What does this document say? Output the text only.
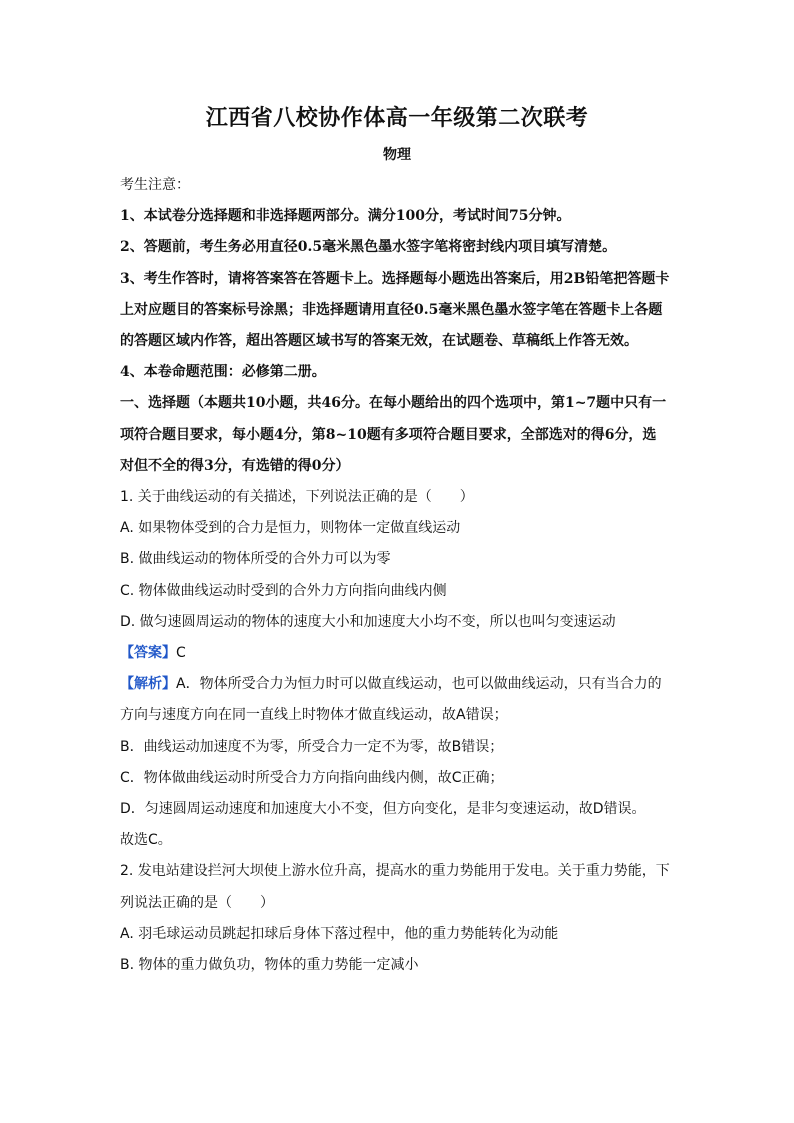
江西省八校协作体高一年级第二次联考
物理
考生注意：
1、本试卷分选择题和非选择题两部分。满分100分，考试时间75分钟。
2、答题前，考生务必用直径0.5毫米黑色墨水签字笔将密封线内项目填写清楚。
3、考生作答时，请将答案答在答题卡上。选择题每小题选出答案后，用2B铅笔把答题卡
上对应题目的答案标号涂黑；非选择题请用直径0.5毫米黑色墨水签字笔在答题卡上各题
的答题区域内作答，超出答题区域书写的答案无效，在试题卷、草稿纸上作答无效。
4、本卷命题范围：必修第二册。
一、选择题（本题共10小题，共46分。在每小题给出的四个选项中，第1~7题中只有一
项符合题目要求，每小题4分，第8~10题有多项符合题目要求，全部选对的得6分，选
对但不全的得3分，有选错的得0分）
1. 关于曲线运动的有关描述，下列说法正确的是（　　）
A. 如果物体受到的合力是恒力，则物体一定做直线运动
B. 做曲线运动的物体所受的合外力可以为零
C. 物体做曲线运动时受到的合外力方向指向曲线内侧
D. 做匀速圆周运动的物体的速度大小和加速度大小均不变，所以也叫匀变速运动
【答案】C
【解析】A．物体所受合力为恒力时可以做直线运动，也可以做曲线运动，只有当合力的
方向与速度方向在同一直线上时物体才做直线运动，故A错误；
B．曲线运动加速度不为零，所受合力一定不为零，故B错误；
C．物体做曲线运动时所受合力方向指向曲线内侧，故C正确；
D．匀速圆周运动速度和加速度大小不变，但方向变化，是非匀变速运动，故D错误。
故选C。
2. 发电站建设拦河大坝使上游水位升高，提高水的重力势能用于发电。关于重力势能，下
列说法正确的是（　　）
A. 羽毛球运动员跳起扣球后身体下落过程中，他的重力势能转化为动能
B. 物体的重力做负功，物体的重力势能一定减小
